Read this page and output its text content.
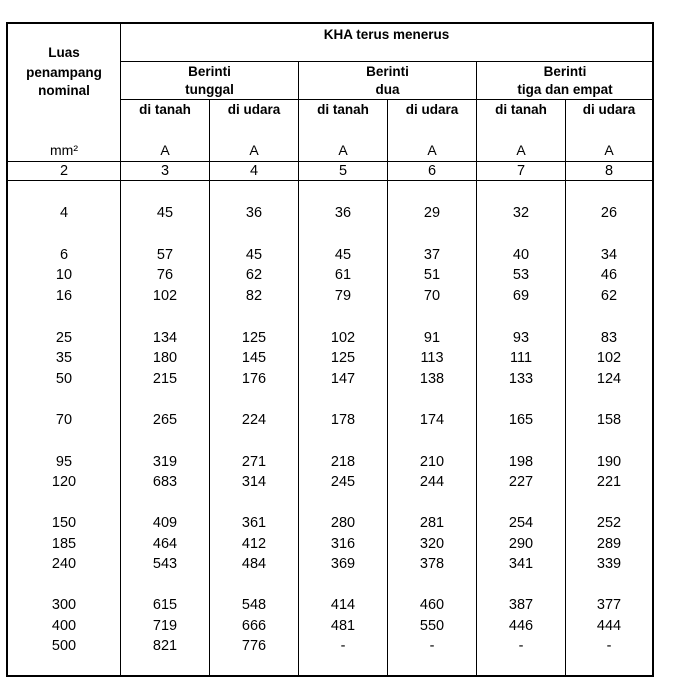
Luas
penampang
nominal
KHA terus menerus
Berinti
tunggal
Berinti
dua
Berinti
tiga dan empat
di tanah	di udara	di tanah	di udara	di tanah	di udara
mm²	A	A	A	A	A	A
2	3	4	5	6	7	8
4	45	36	36	29	32	26
6	57	45	45	37	40	34
10	76	62	61	51	53	46
16	102	82	79	70	69	62
25	134	125	102	91	93	83
35	180	145	125	113	111	102
50	215	176	147	138	133	124
70	265	224	178	174	165	158
95	319	271	218	210	198	190
120	683	314	245	244	227	221
150	409	361	280	281	254	252
185	464	412	316	320	290	289
240	543	484	369	378	341	339
300	615	548	414	460	387	377
400	719	666	481	550	446	444
500	821	776	-	-	-	-
